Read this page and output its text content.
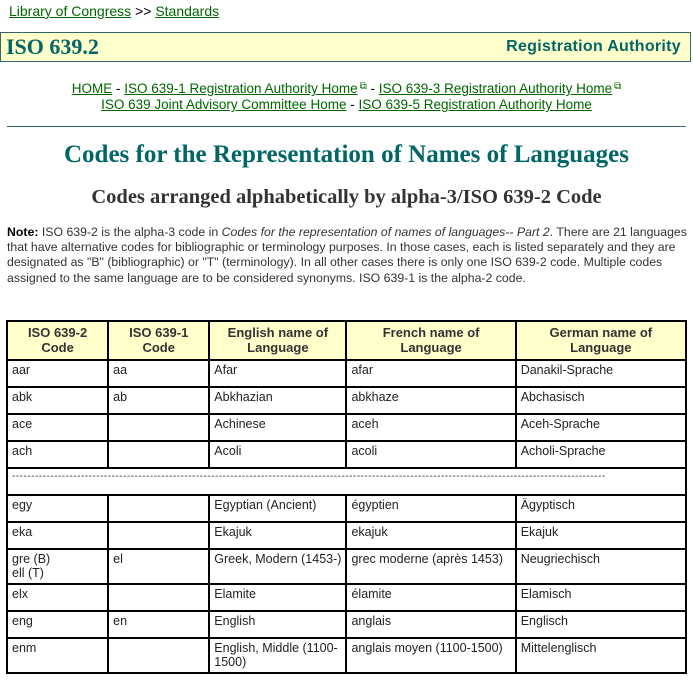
Library of Congress >> Standards
ISO 639.2	Registration Authority
HOME - ISO 639-1 Registration Authority Home ⧉ - ISO 639-3 Registration Authority Home ⧉
ISO 639 Joint Advisory Committee Home - ISO 639-5 Registration Authority Home
Codes for the Representation of Names of Languages
Codes arranged alphabetically by alpha-3/ISO 639-2 Code
Note: ISO 639-2 is the alpha-3 code in Codes for the representation of names of languages-- Part 2. There are 21 languages that have alternative codes for bibliographic or terminology purposes. In those cases, each is listed separately and they are designated as "B" (bibliographic) or "T" (terminology). In all other cases there is only one ISO 639-2 code. Multiple codes assigned to the same language are to be considered synonyms. ISO 639-1 is the alpha-2 code.
ISO 639-2 Code	ISO 639-1 Code	English name of Language	French name of Language	German name of Language
aar	aa	Afar	afar	Danakil-Sprache
abk	ab	Abkhazian	abkhaze	Abchasisch
ace		Achinese	aceh	Aceh-Sprache
ach		Acoli	acoli	Acholi-Sprache

-----------------------------------------------------------------------------------------------------------------------------------------------------------				

egy		Egyptian (Ancient)	égyptien	Ägyptisch
eka		Ekajuk	ekajuk	Ekajuk
gre (B)
ell (T)	el	Greek, Modern (1453-)	grec moderne (après 1453)	Neugriechisch
elx		Elamite	élamite	Elamisch
eng	en	English	anglais	Englisch
enm		English, Middle (1100-1500)	anglais moyen (1100-1500)	Mittelenglisch
